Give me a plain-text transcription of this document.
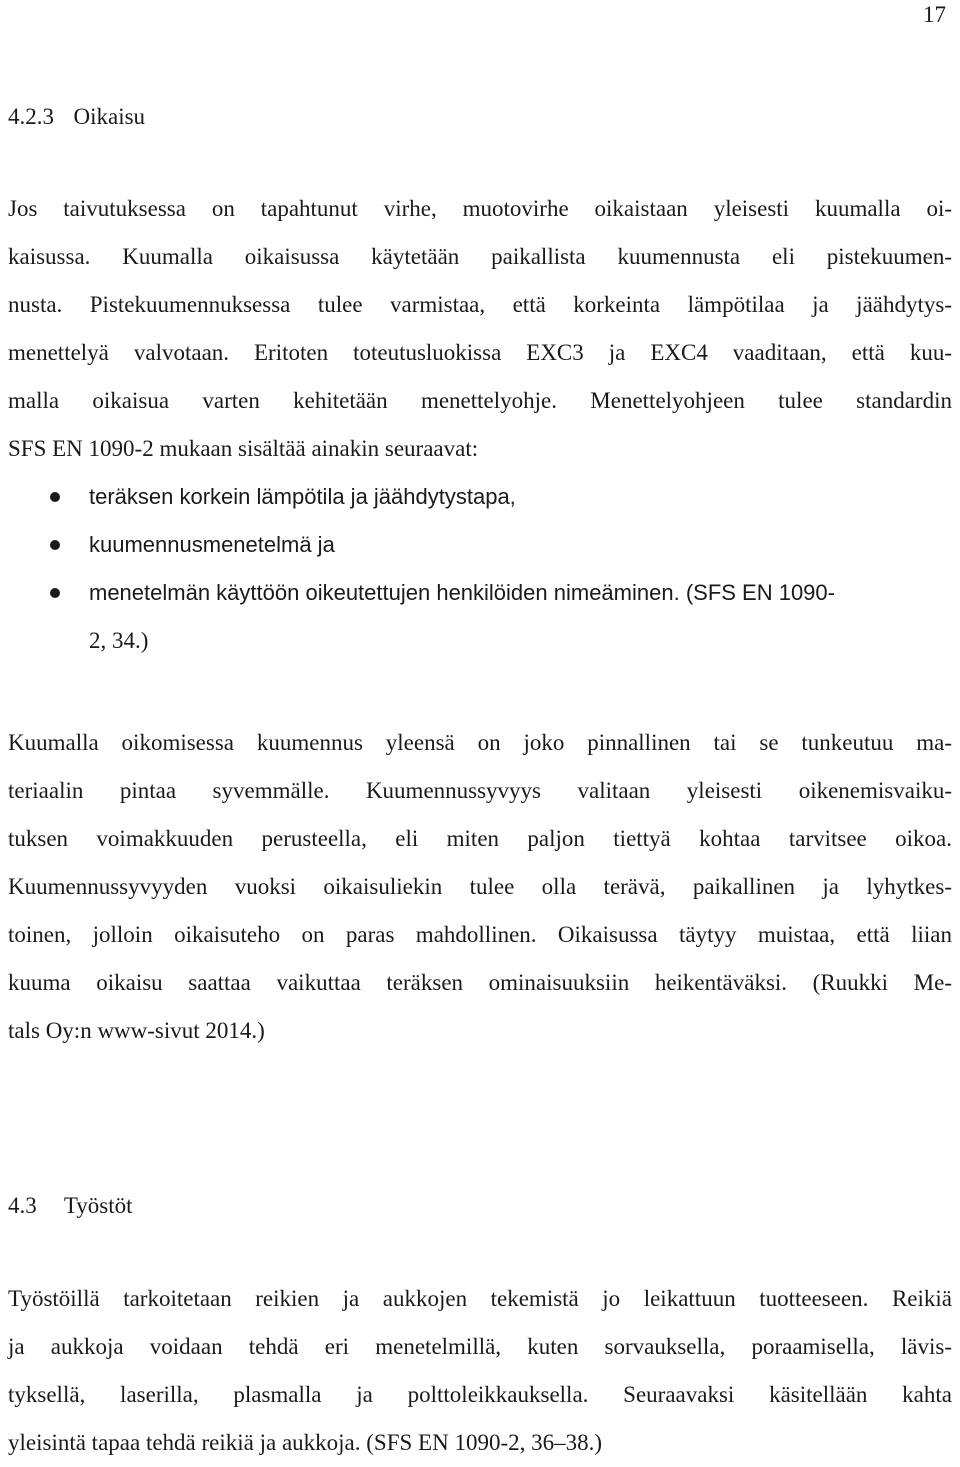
17
4.2.3 Oikaisu

Jos taivutuksessa on tapahtunut virhe, muotovirhe oikaistaan yleisesti kuumalla oi-
kaisussa. Kuumalla oikaisussa käytetään paikallista kuumennusta eli pistekuumen-
nusta. Pistekuumennuksessa tulee varmistaa, että korkeinta lämpötilaa ja jäähdytys-
menettelyä valvotaan. Eritoten toteutusluokissa EXC3 ja EXC4 vaaditaan, että kuu-
malla oikaisua varten kehitetään menettelyohje. Menettelyohjeen tulee standardin
SFS EN 1090-2 mukaan sisältää ainakin seuraavat:

teräksen korkein lämpötila ja jäähdytystapa,
kuumennusmenetelmä ja
menetelmän käyttöön oikeutettujen henkilöiden nimeäminen. (SFS EN 1090-
2, 34.)

Kuumalla oikomisessa kuumennus yleensä on joko pinnallinen tai se tunkeutuu ma-
teriaalin pintaa syvemmälle. Kuumennussyvyys valitaan yleisesti oikenemisvaiku-
tuksen voimakkuuden perusteella, eli miten paljon tiettyä kohtaa tarvitsee oikoa.
Kuumennussyvyyden vuoksi oikaisuliekin tulee olla terävä, paikallinen ja lyhytkes-
toinen, jolloin oikaisuteho on paras mahdollinen. Oikaisussa täytyy muistaa, että liian
kuuma oikaisu saattaa vaikuttaa teräksen ominaisuuksiin heikentäväksi. (Ruukki Me-
tals Oy:n www-sivut 2014.)

4.3 Työstöt

Työstöillä tarkoitetaan reikien ja aukkojen tekemistä jo leikattuun tuotteeseen. Reikiä
ja aukkoja voidaan tehdä eri menetelmillä, kuten sorvauksella, poraamisella, lävis-
tyksellä, laserilla, plasmalla ja polttoleikkauksella. Seuraavaksi käsitellään kahta
yleisintä tapaa tehdä reikiä ja aukkoja. (SFS EN 1090-2, 36–38.)
